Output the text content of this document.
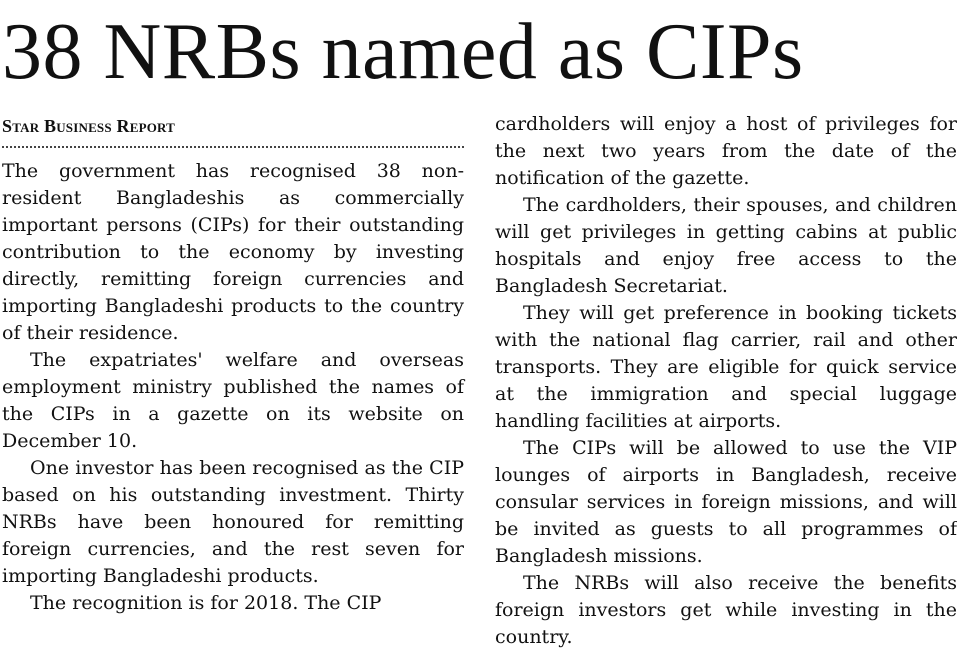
38 NRBs named as CIPs
Star Business Report

The government has recognised 38 non-resident Bangladeshis as commercially important persons (CIPs) for their outstanding contribution to the economy by investing directly, remitting foreign currencies and importing Bangladeshi products to the country of their residence.

The expatriates' welfare and overseas employment ministry published the names of the CIPs in a gazette on its website on December 10.

One investor has been recognised as the CIP based on his outstanding investment. Thirty NRBs have been honoured for remitting foreign currencies, and the rest seven for importing Bangladeshi products.

The recognition is for 2018. The CIP

cardholders will enjoy a host of privileges for the next two years from the date of the notification of the gazette.

The cardholders, their spouses, and children will get privileges in getting cabins at public hospitals and enjoy free access to the Bangladesh Secretariat.

They will get preference in booking tickets with the national flag carrier, rail and other transports. They are eligible for quick service at the immigration and special luggage handling facilities at airports.

The CIPs will be allowed to use the VIP lounges of airports in Bangladesh, receive consular services in foreign missions, and will be invited as guests to all programmes of Bangladesh missions.

The NRBs will also receive the benefits foreign investors get while investing in the country.
